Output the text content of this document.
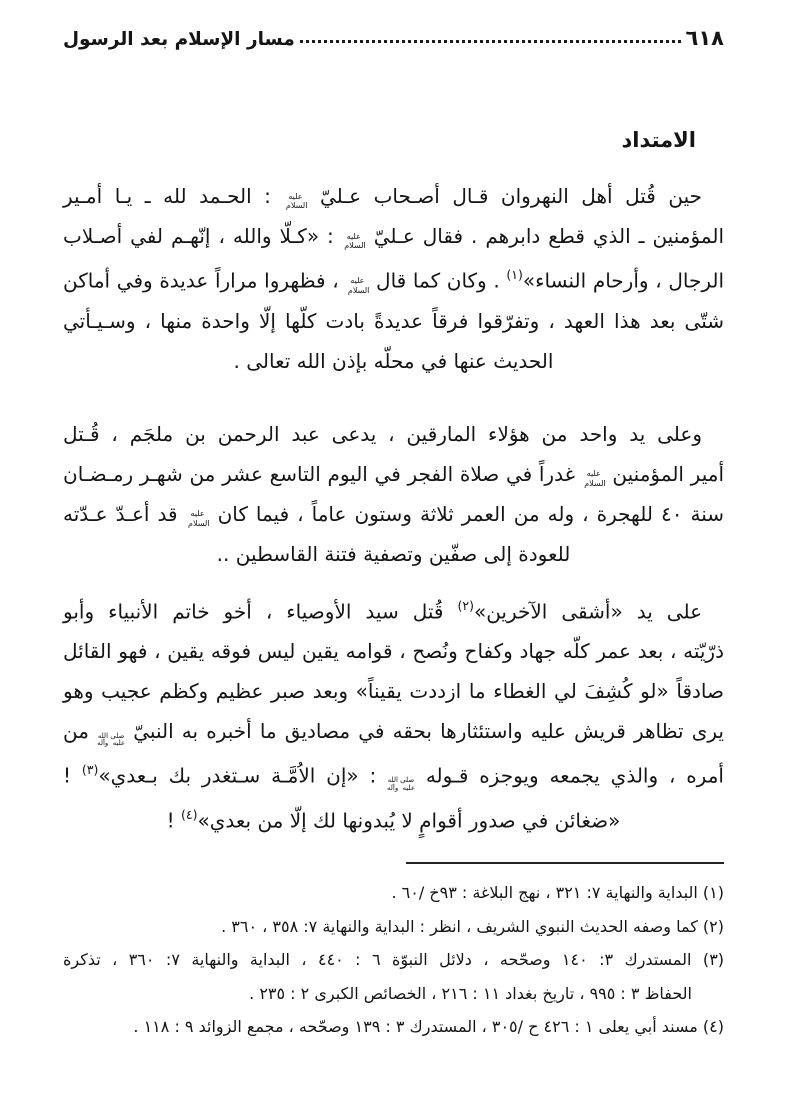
٦١٨
مسار الإسلام بعد الرسول
الامتداد
حين قُتل أهل النهروان قـال أصـحاب عـليّ عليه السلام : الحـمد لله ـ يـا أمـير
المؤمنين ـ الذي قطع دابرهم . فقال عـليّ عليه السلام : «كـلّا والله ، إنّهـم لفي أصـلاب
الرجال ، وأرحام النساء»$^{(١)}$ . وكان كما قال عليه السلام ، فظهروا مراراً عديدة وفي أماكن
شتّى بعد هذا العهد ، وتفرّقوا فرقاً عديدةً بادت كلّها إلّا واحدة منها ، وسـيـأتي
الحديث عنها في محلّه بإذن الله تعالى .
وعلى يد واحد من هؤلاء المارقين ، يدعى عبد الرحمن بن ملجَم ، قُـتل
أمير المؤمنين عليه السلام غدراً في صلاة الفجر في اليوم التاسع عشر من شهـر رمـضـان
سنة ٤٠ للهجرة ، وله من العمر ثلاثة وستون عاماً ، فيما كان عليه السلام قد أعـدّ عـدّته
للعودة إلى صفّين وتصفية فتنة القاسطين ..
على يد «أشقى الآخرين»$^{(٢)}$ قُتل سيد الأوصياء ، أخو خاتم الأنبياء وأبو
ذرّيّته ، بعد عمر كلّه جهاد وكفاح ونُصح ، قوامه يقين ليس فوقه يقين ، فهو القائل
صادقاً «لو كُشِفَ لي الغطاء ما ازددت يقيناً» وبعد صبر عظيم وكظم عجيب وهو
يرى تظاهر قريش عليه واستئثارها بحقه في مصاديق ما أخبره به النبيّ صلى الله عليه وآله من
أمره ، والذي يجمعه ويوجزه قـوله صلى الله عليه وآله : «إن الاُمَّـة سـتغدر بك بـعدي»$^{(٣)}$ !
«ضغائن في صدور أقوامٍ لا يُبدونها لك إلّا من بعدي»$^{(٤)}$ !
(١) البداية والنهاية ٧: ٣٢١ ، نهج البلاغة : ٩٣خ /٦٠ .
(٢) كما وصفه الحديث النبوي الشريف ، انظر : البداية والنهاية ٧: ٣٥٨ ، ٣٦٠ .
(٣) المستدرك ٣: ١٤٠ وصحّحه ، دلائل النبوّة ٦ : ٤٤٠ ، البداية والنهاية ٧: ٣٦٠ ، تذكرة
الحفاظ ٣ : ٩٩٥ ، تاريخ بغداد ١١ : ٢١٦ ، الخصائص الكبرى ٢ : ٢٣٥ .
(٤) مسند أبي يعلى ١ : ٤٢٦ ح /٣٠٥ ، المستدرك ٣ : ١٣٩ وصحّحه ، مجمع الزوائد ٩ : ١١٨ .
